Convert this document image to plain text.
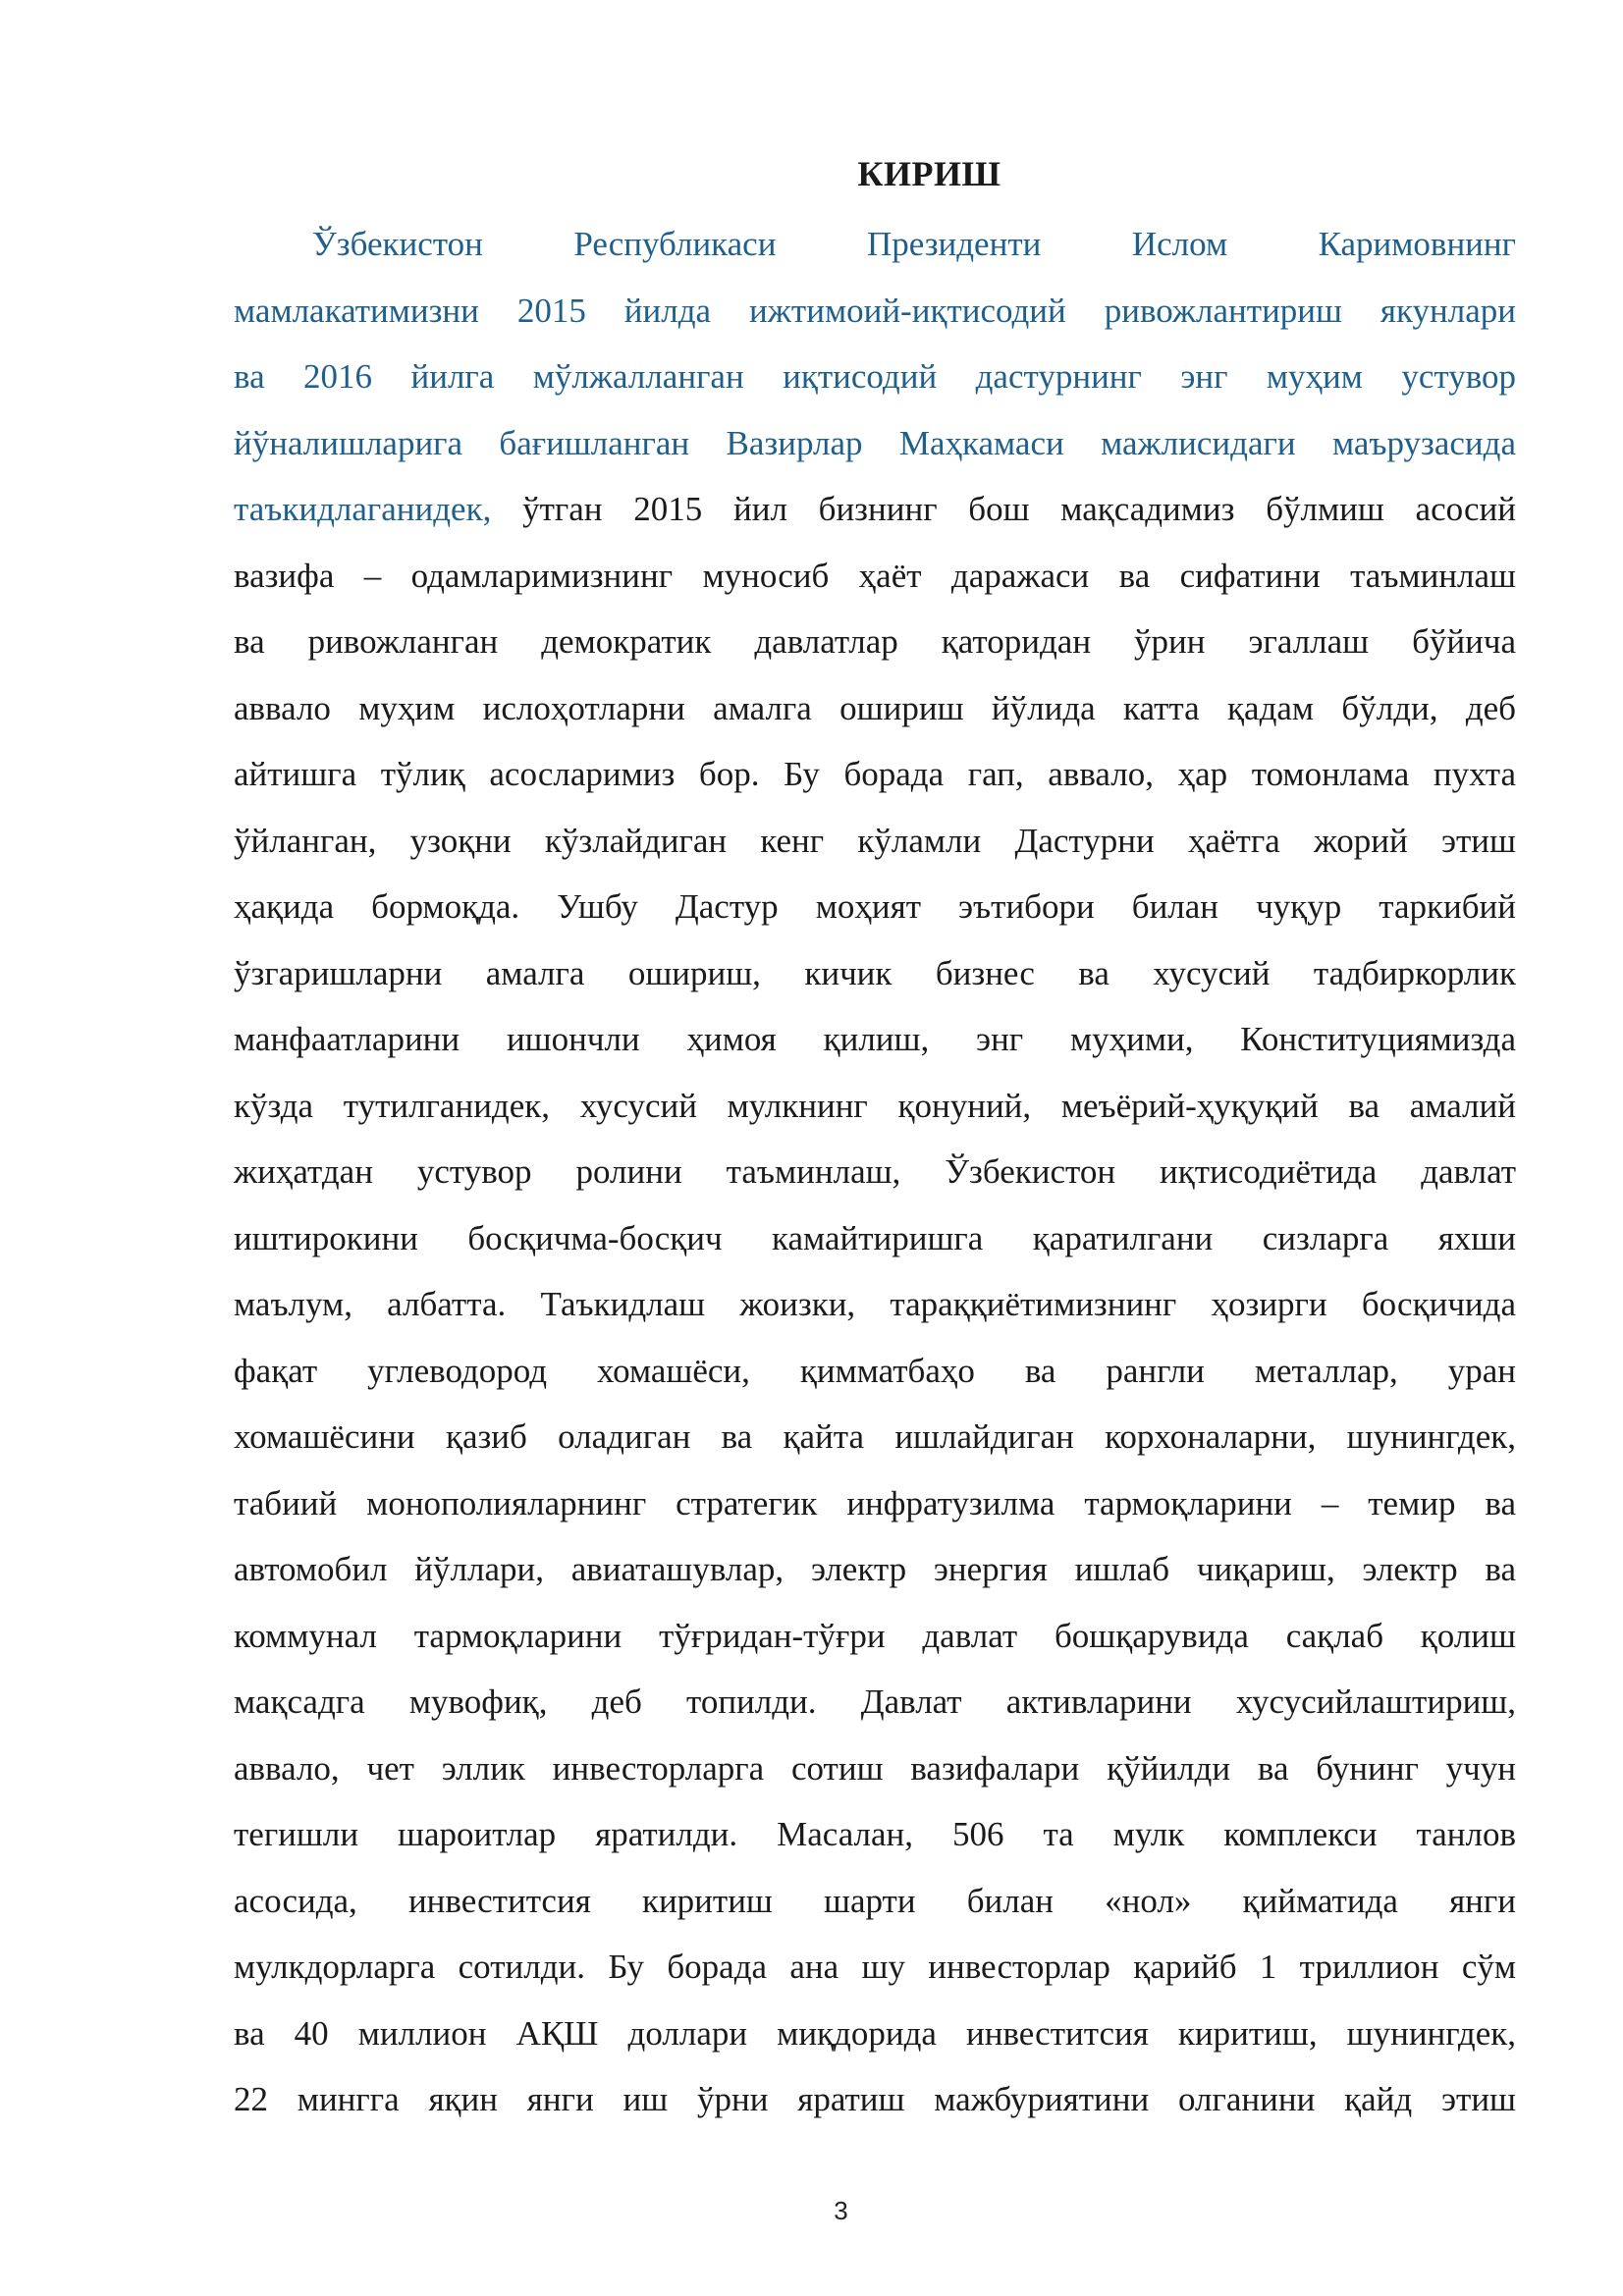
КИРИШ
Ўзбекистон Республикаси Президенти Ислом Каримовнинг
мамлакатимизни 2015 йилда ижтимоий-иқтисодий ривожлантириш якунлари
ва 2016 йилга мўлжалланган иқтисодий дастурнинг энг муҳим устувор
йўналишларига бағишланган Вазирлар Маҳкамаси мажлисидаги маърузасида
таъкидлаганидек, ўтган 2015 йил бизнинг бош мақсадимиз бўлмиш асосий
вазифа – одамларимизнинг муносиб ҳаёт даражаси ва сифатини таъминлаш
ва ривожланган демократик давлатлар қаторидан ўрин эгаллаш бўйича
аввало муҳим ислоҳотларни амалга ошириш йўлида катта қадам бўлди, деб
айтишга тўлиқ асосларимиз бор. Бу борада гап, аввало, ҳар томонлама пухта
ўйланган, узоқни кўзлайдиган кенг кўламли Дастурни ҳаётга жорий этиш
ҳақида бормоқда. Ушбу Дастур моҳият эътибори билан чуқур таркибий
ўзгаришларни амалга ошириш, кичик бизнес ва хусусий тадбиркорлик
манфаатларини ишончли ҳимоя қилиш, энг муҳими, Конституциямизда
кўзда тутилганидек, хусусий мулкнинг қонуний, меъёрий-ҳуқуқий ва амалий
жиҳатдан устувор ролини таъминлаш, Ўзбекистон иқтисодиётида давлат
иштирокини босқичма-босқич камайтиришга қаратилгани сизларга яхши
маълум, албатта. Таъкидлаш жоизки, тараққиётимизнинг ҳозирги босқичида
фақат углеводород хомашёси, қимматбаҳо ва рангли металлар, уран
хомашёсини қазиб оладиган ва қайта ишлайдиган корхоналарни, шунингдек,
табиий монополияларнинг стратегик инфратузилма тармоқларини – темир ва
автомобил йўллари, авиаташувлар, электр энергия ишлаб чиқариш, электр ва
коммунал тармоқларини тўғридан-тўғри давлат бошқарувида сақлаб қолиш
мақсадга мувофиқ, деб топилди. Давлат активларини хусусийлаштириш,
аввало, чет эллик инвесторларга сотиш вазифалари қўйилди ва бунинг учун
тегишли шароитлар яратилди. Масалан, 506 та мулк комплекси танлов
асосида, инвеститсия киритиш шарти билан «нол» қийматида янги
мулкдорларга сотилди. Бу борада ана шу инвесторлар қарийб 1 триллион сўм
ва 40 миллион АҚШ доллари миқдорида инвеститсия киритиш, шунингдек,
22 мингга яқин янги иш ўрни яратиш мажбуриятини олганини қайд этиш
3
